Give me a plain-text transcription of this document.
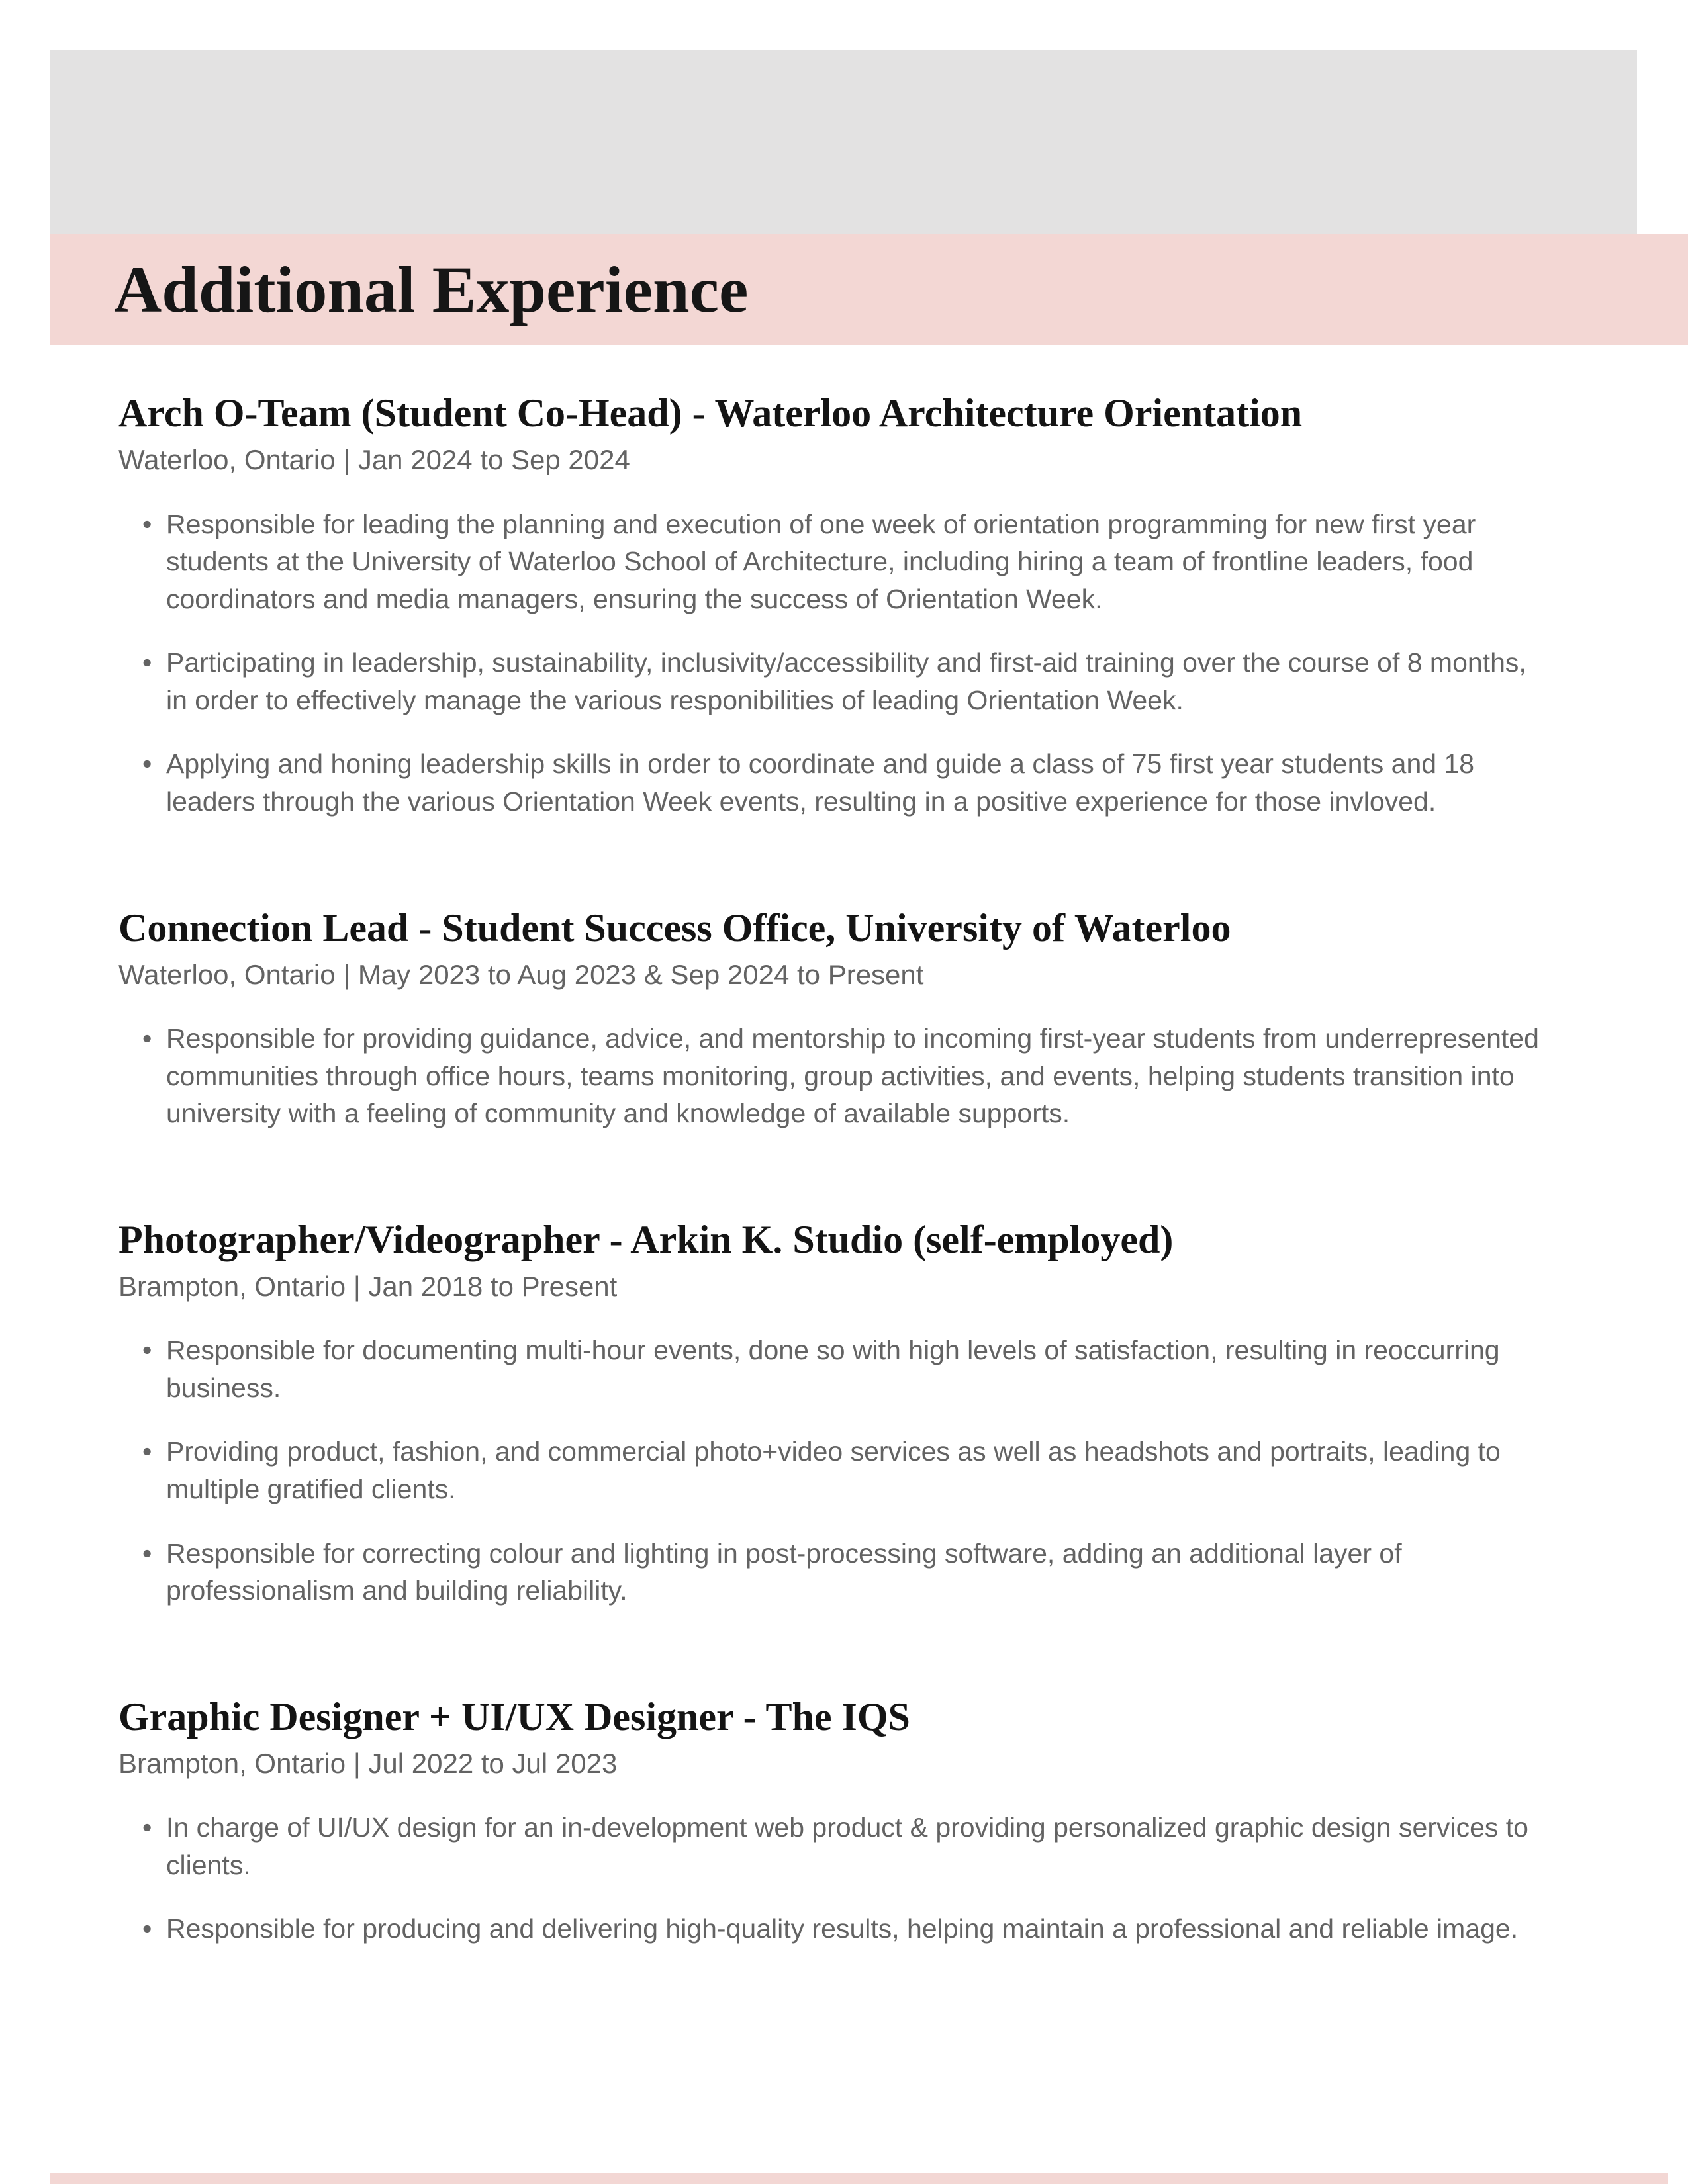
Additional Experience
Arch O-Team (Student Co-Head) - Waterloo Architecture Orientation

Waterloo, Ontario | Jan 2024 to Sep 2024

• Responsible for leading the planning and execution of one week of orientation programming for new first year students at the University of Waterloo School of Architecture, including hiring a team of frontline leaders, food coordinators and media managers, ensuring the success of Orientation Week.
• Participating in leadership, sustainability, inclusivity/accessibility and first-aid training over the course of 8 months, in order to effectively manage the various responibilities of leading Orientation Week.
• Applying and honing leadership skills in order to coordinate and guide a class of 75 first year students and 18 leaders through the various Orientation Week events, resulting in a positive experience for those invloved.
Connection Lead - Student Success Office, University of Waterloo

Waterloo, Ontario | May 2023 to Aug 2023 & Sep 2024 to Present

• Responsible for providing guidance, advice, and mentorship to incoming first-year students from underrepresented communities through office hours, teams monitoring, group activities, and events, helping students transition into university with a feeling of community and knowledge of available supports.
Photographer/Videographer - Arkin K. Studio (self-employed)

Brampton, Ontario | Jan 2018 to Present

• Responsible for documenting multi-hour events, done so with high levels of satisfaction, resulting in reoccurring business.
• Providing product, fashion, and commercial photo+video services as well as headshots and portraits, leading to multiple gratified clients.
• Responsible for correcting colour and lighting in post-processing software, adding an additional layer of professionalism and building reliability.
Graphic Designer + UI/UX Designer - The IQS

Brampton, Ontario | Jul 2022 to Jul 2023

• In charge of UI/UX design for an in-development web product & providing personalized graphic design services to clients.
• Responsible for producing and delivering high-quality results, helping maintain a professional and reliable image.
